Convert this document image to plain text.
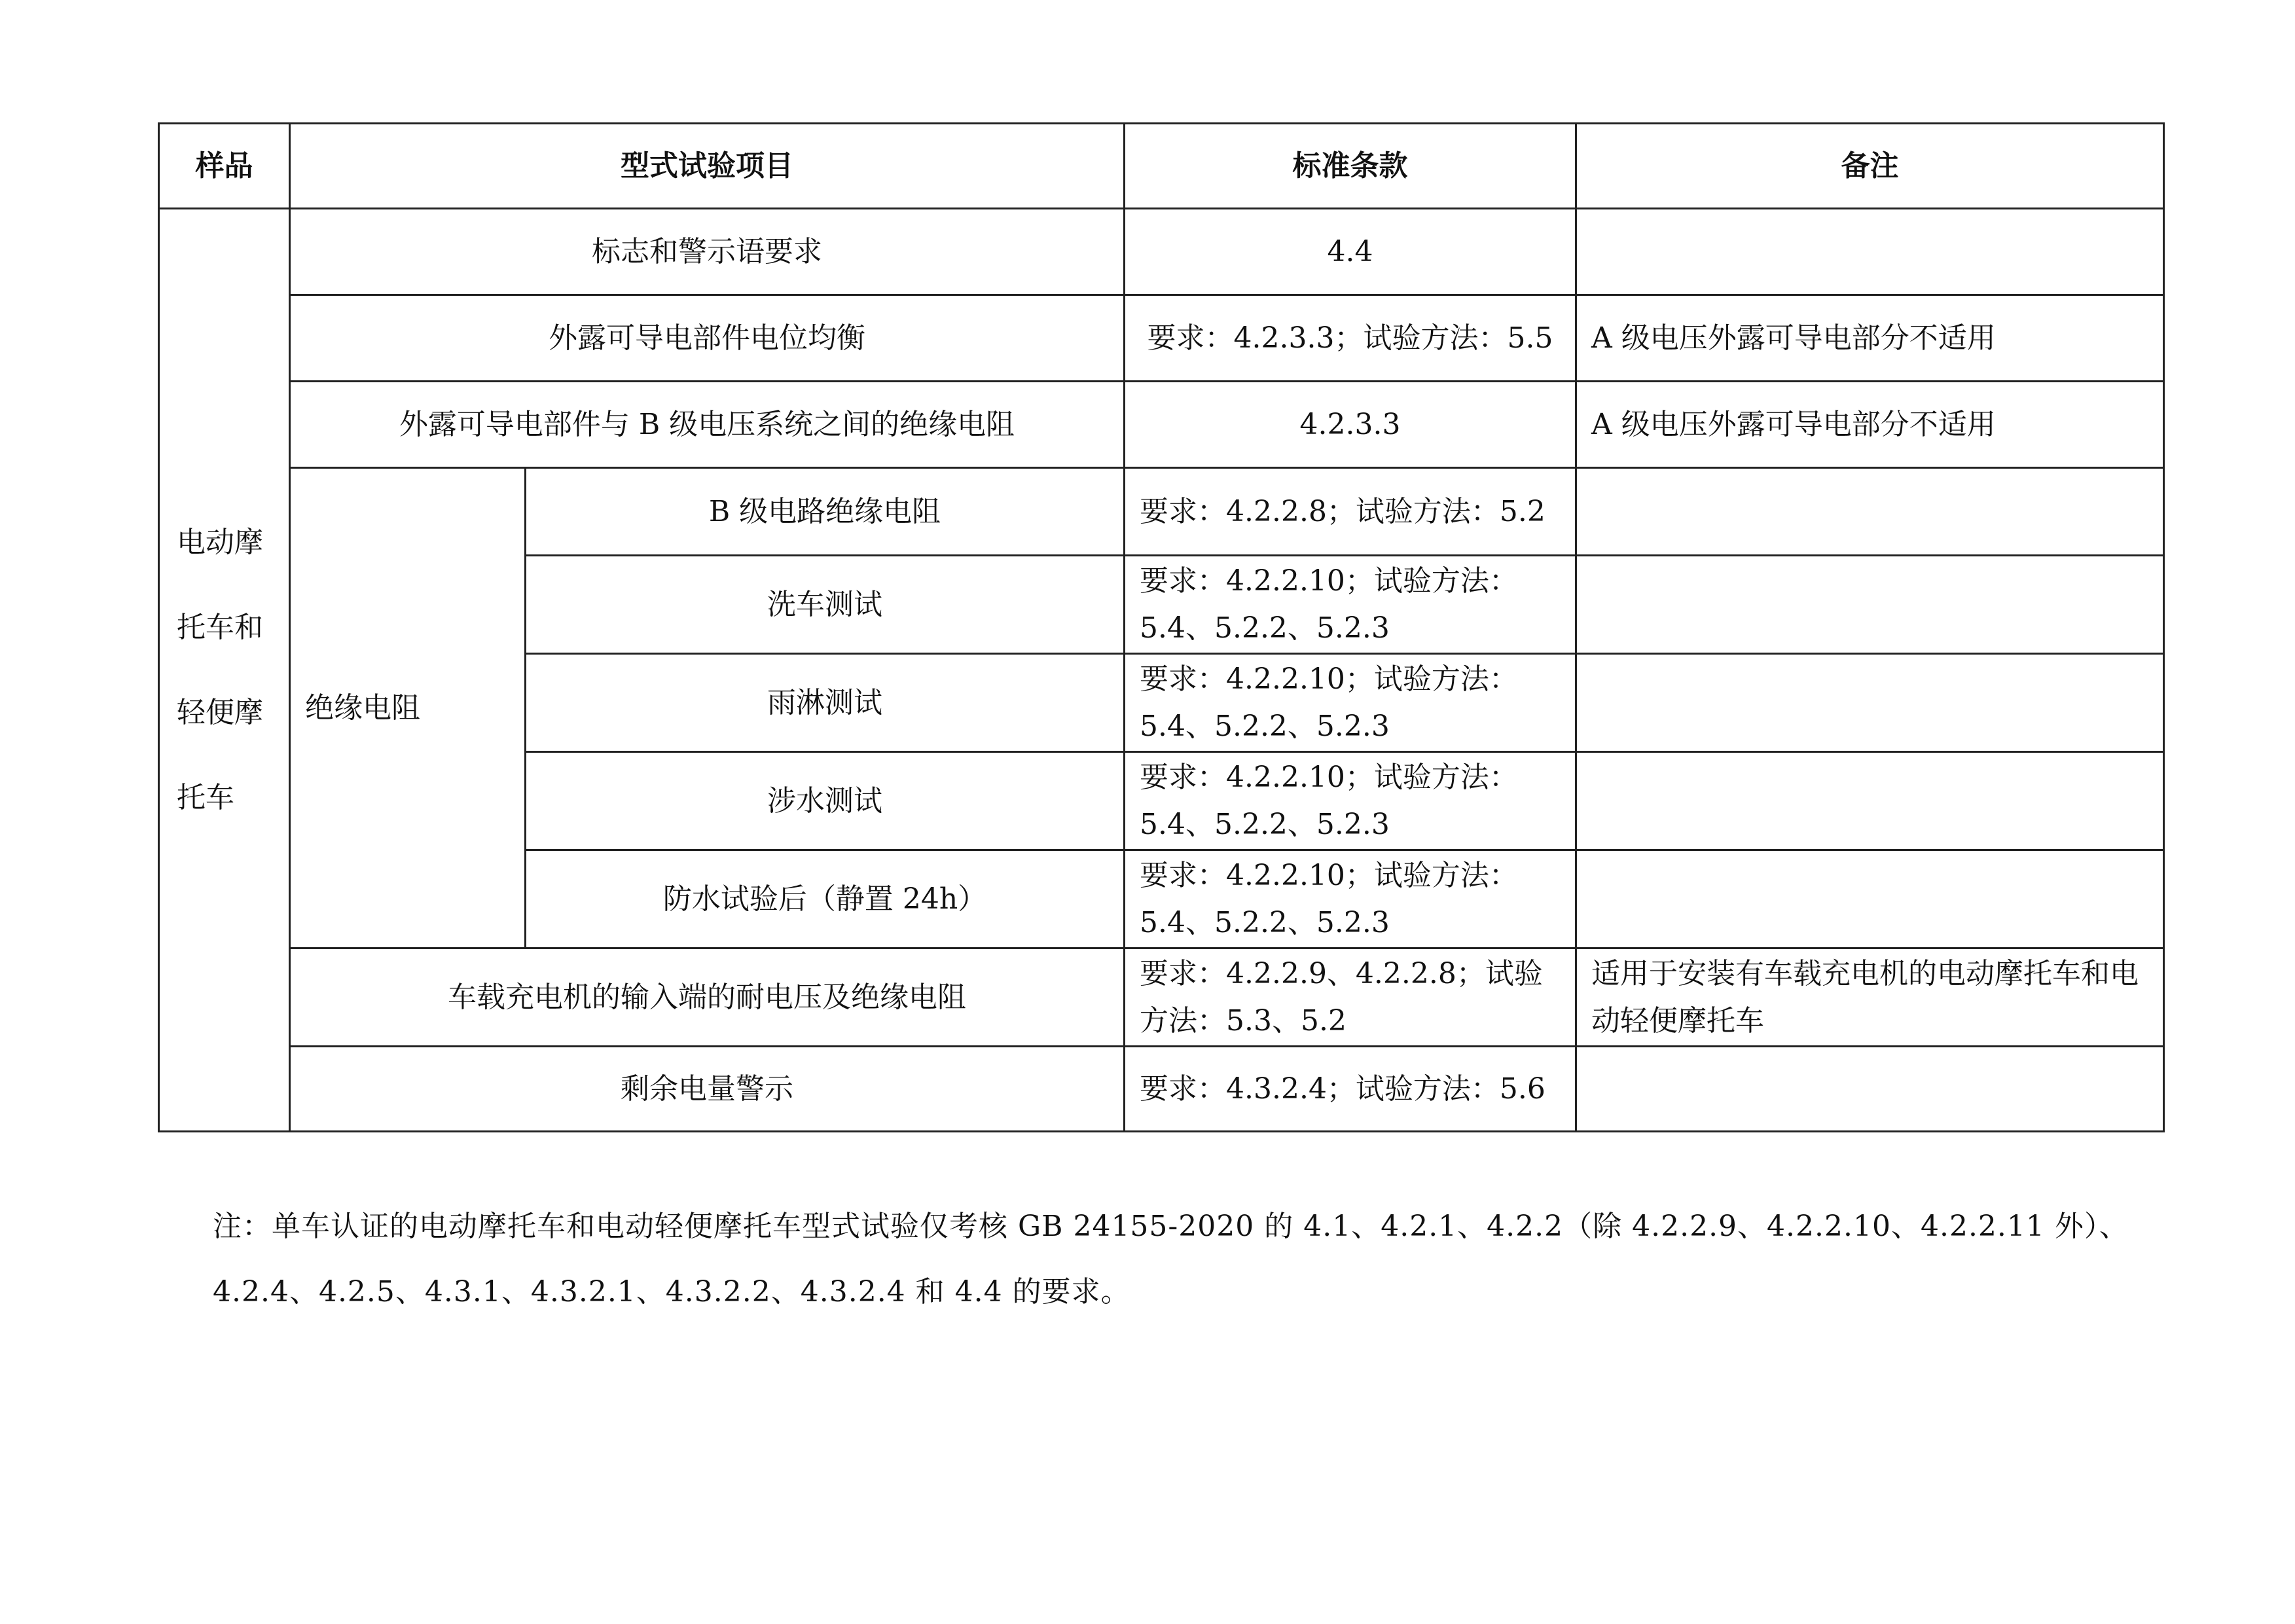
样品	型式试验项目		标准条款	备注

电动摩
托车和
轻便摩
托车	标志和警示语要求		4.4	
	外露可导电部件电位均衡		要求：4.2.3.3；试验方法：5.5	A 级电压外露可导电部分不适用
	外露可导电部件与 B 级电压系统之间的绝缘电阻		4.2.3.3	A 级电压外露可导电部分不适用
	绝缘电阻	B 级电路绝缘电阻	要求：4.2.2.8；试验方法：5.2	
		洗车测试	要求：4.2.2.10；试验方法：5.4、5.2.2、5.2.3	
		雨淋测试	要求：4.2.2.10；试验方法：5.4、5.2.2、5.2.3	
		涉水测试	要求：4.2.2.10；试验方法：5.4、5.2.2、5.2.3	
		防水试验后（静置 24h）	要求：4.2.2.10；试验方法：5.4、5.2.2、5.2.3	
	车载充电机的输入端的耐电压及绝缘电阻		要求：4.2.2.9、4.2.2.8；试验方法：5.3、5.2	适用于安装有车载充电机的电动摩托车和电动轻便摩托车
	剩余电量警示		要求：4.3.2.4；试验方法：5.6	

注：单车认证的电动摩托车和电动轻便摩托车型式试验仅考核 GB 24155-2020 的 4.1、4.2.1、4.2.2（除 4.2.2.9、4.2.2.10、4.2.2.11 外）、4.2.4、4.2.5、4.3.1、4.3.2.1、4.3.2.2、4.3.2.4 和 4.4 的要求。
